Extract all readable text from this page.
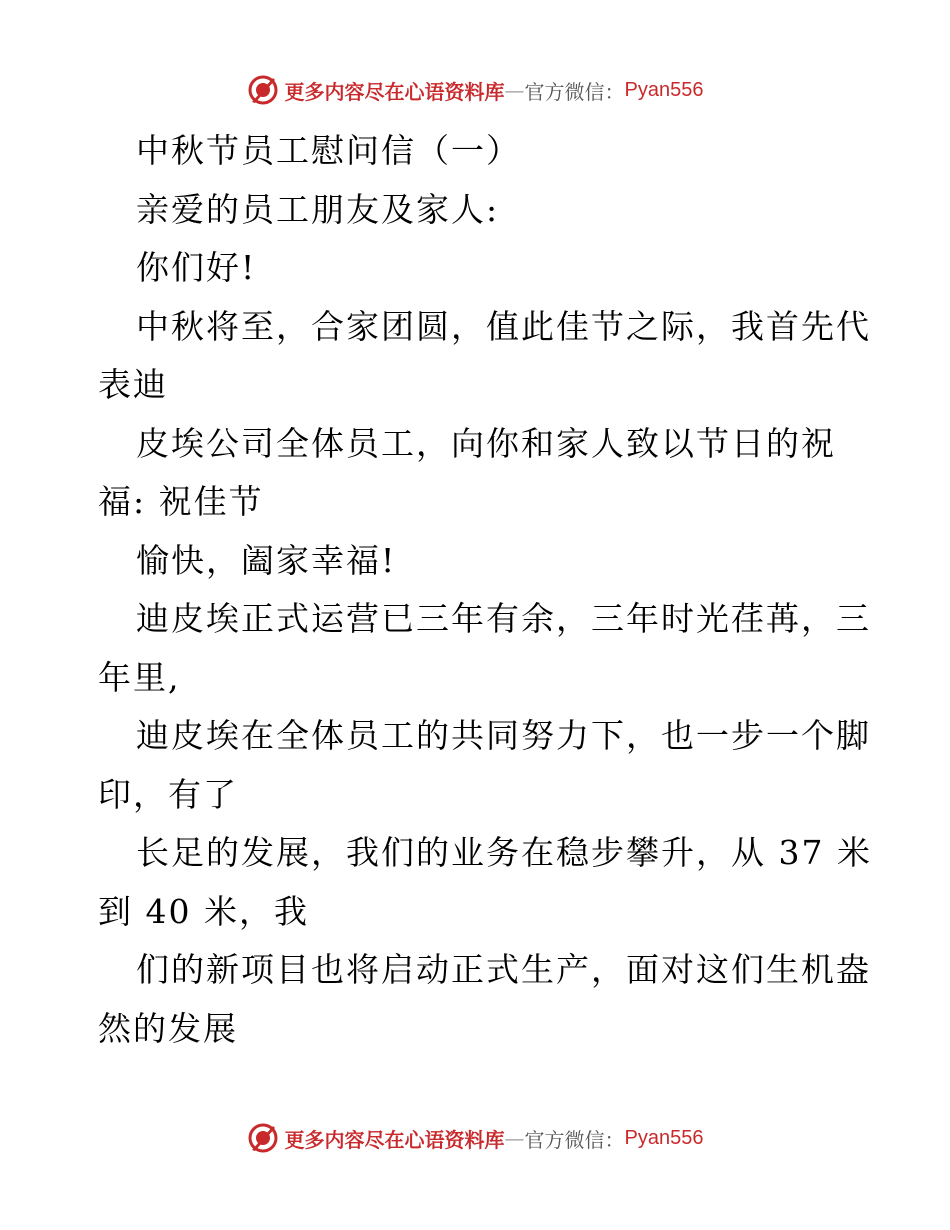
更多内容尽在心语资料库 — 官方微信： Pyan556
中秋节员工慰问信（一）
亲爱的员工朋友及家人:
你们好!
中秋将至，合家团圆，值此佳节之际，我首先代
表迪
皮埃公司全体员工，向你和家人致以节日的祝
福: 祝佳节
愉快，阖家幸福!
迪皮埃正式运营已三年有余，三年时光荏苒，三
年里,
迪皮埃在全体员工的共同努力下，也一步一个脚
印，有了
长足的发展，我们的业务在稳步攀升，从 37 米
到 40 米，我
们的新项目也将启动正式生产，面对这们生机盎
然的发展
更多内容尽在心语资料库 — 官方微信： Pyan556
